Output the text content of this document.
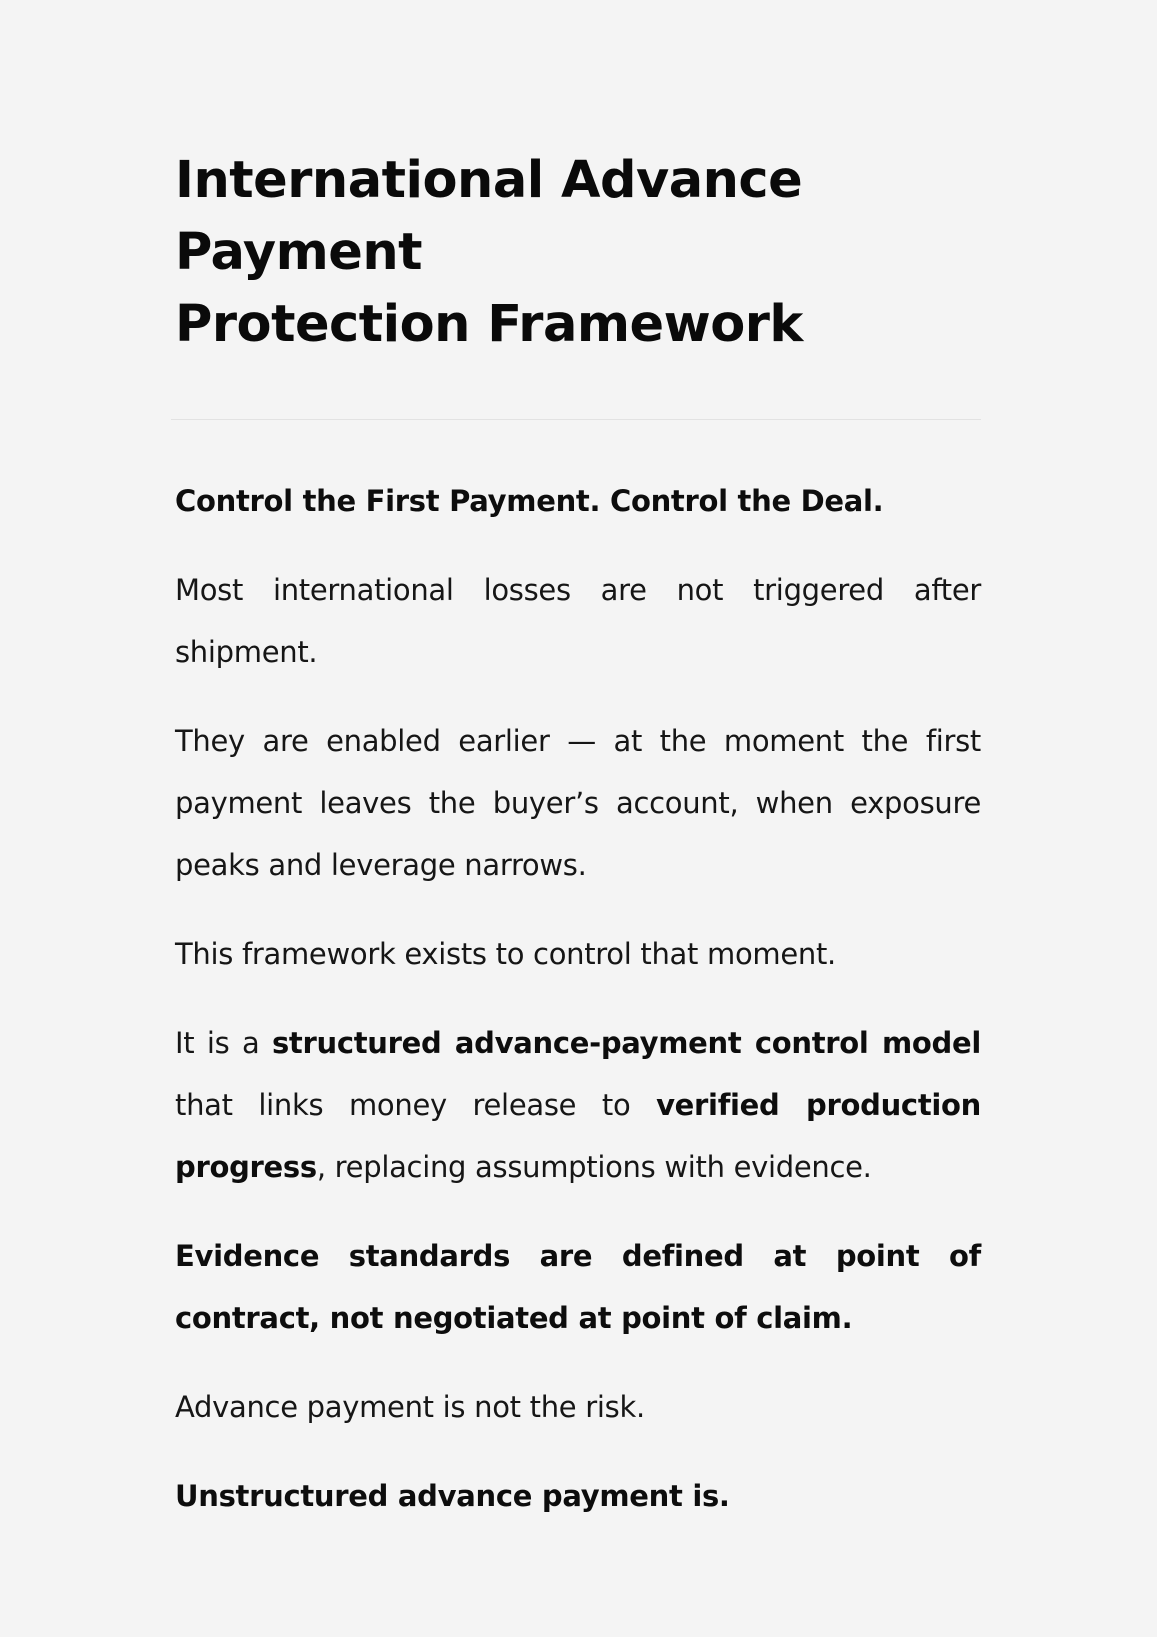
International Advance Payment
Protection Framework

Control the First Payment. Control the Deal.

Most international losses are not triggered after shipment.

They are enabled earlier — at the moment the first payment leaves the buyer’s account, when exposure peaks and leverage narrows.

This framework exists to control that moment.

It is a structured advance-payment control model that links money release to verified production progress, replacing assumptions with evidence.

Evidence standards are defined at point of contract, not negotiated at point of claim.

Advance payment is not the risk.

Unstructured advance payment is.
